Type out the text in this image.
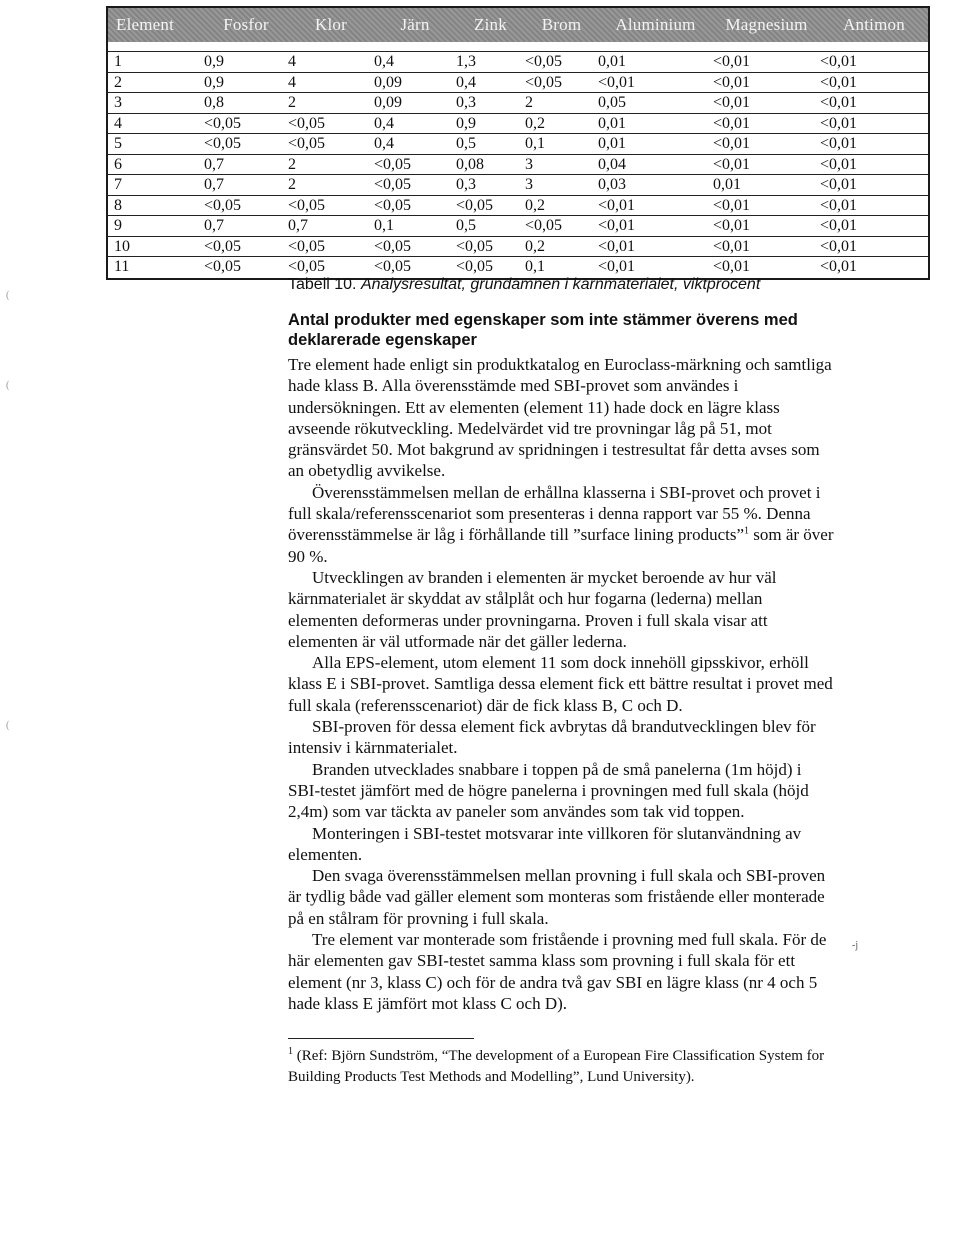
Element	Fosfor	Klor	Järn	Zink	Brom	Aluminium	Magnesium	Antimon
1	0,9	4	0,4	1,3	<0,05	0,01	<0,01	<0,01
2	0,9	4	0,09	0,4	<0,05	<0,01	<0,01	<0,01
3	0,8	2	0,09	0,3	2	0,05	<0,01	<0,01
4	<0,05	<0,05	0,4	0,9	0,2	0,01	<0,01	<0,01
5	<0,05	<0,05	0,4	0,5	0,1	0,01	<0,01	<0,01
6	0,7	2	<0,05	0,08	3	0,04	<0,01	<0,01
7	0,7	2	<0,05	0,3	3	0,03	0,01	<0,01
8	<0,05	<0,05	<0,05	<0,05	0,2	<0,01	<0,01	<0,01
9	0,7	0,7	0,1	0,5	<0,05	<0,01	<0,01	<0,01
10	<0,05	<0,05	<0,05	<0,05	0,2	<0,01	<0,01	<0,01
11	<0,05	<0,05	<0,05	<0,05	0,1	<0,01	<0,01	<0,01
Tabell 10. Analysresultat, grundämnen i kärnmaterialet, viktprocent
Antal produkter med egenskaper som inte stämmer överens med deklarerade egenskaper

Tre element hade enligt sin produktkatalog en Euroclass-märkning och samtliga hade klass B. Alla överensstämde med SBI-provet som användes i undersökningen. Ett av elementen (element 11) hade dock en lägre klass avseende rökutveckling. Medelvärdet vid tre provningar låg på 51, mot gränsvärdet 50. Mot bakgrund av spridningen i testresultat får detta avses som an obetydlig avvikelse.

Överensstämmelsen mellan de erhållna klasserna i SBI-provet och provet i full skala/referensscenariot som presenteras i denna rapport var 55 %. Denna överensstämmelse är låg i förhållande till ”surface lining products”$^1$ som är över 90 %.

Utvecklingen av branden i elementen är mycket beroende av hur väl kärnmaterialet är skyddat av stålplåt och hur fogarna (lederna) mellan elementen deformeras under provningarna. Proven i full skala visar att elementen är väl utformade när det gäller lederna.

Alla EPS-element, utom element 11 som dock innehöll gipsskivor, erhöll klass E i SBI-provet. Samtliga dessa element fick ett bättre resultat i provet med full skala (referensscenariot) där de fick klass B, C och D.

SBI-proven för dessa element fick avbrytas då brandutvecklingen blev för intensiv i kärnmaterialet.

Branden utvecklades snabbare i toppen på de små panelerna (1m höjd) i SBI-testet jämfört med de högre panelerna i provningen med full skala (höjd 2,4m) som var täckta av paneler som användes som tak vid toppen.

Monteringen i SBI-testet motsvarar inte villkoren för slutanvändning av elementen.

Den svaga överensstämmelsen mellan provning i full skala och SBI-proven är tydlig både vad gäller element som monteras som fristående eller monterade på en stålram för provning i full skala.

Tre element var monterade som fristående i provning med full skala. För de här elementen gav SBI-testet samma klass som provning i full skala för ett element (nr 3, klass C) och för de andra två gav SBI en lägre klass (nr 4 och 5 hade klass E jämfört mot klass C och D).

$^1$ (Ref: Björn Sundström, “The development of a European Fire Classification System for Building Products Test Methods and Modelling”, Lund University).
(
(
(
-j
